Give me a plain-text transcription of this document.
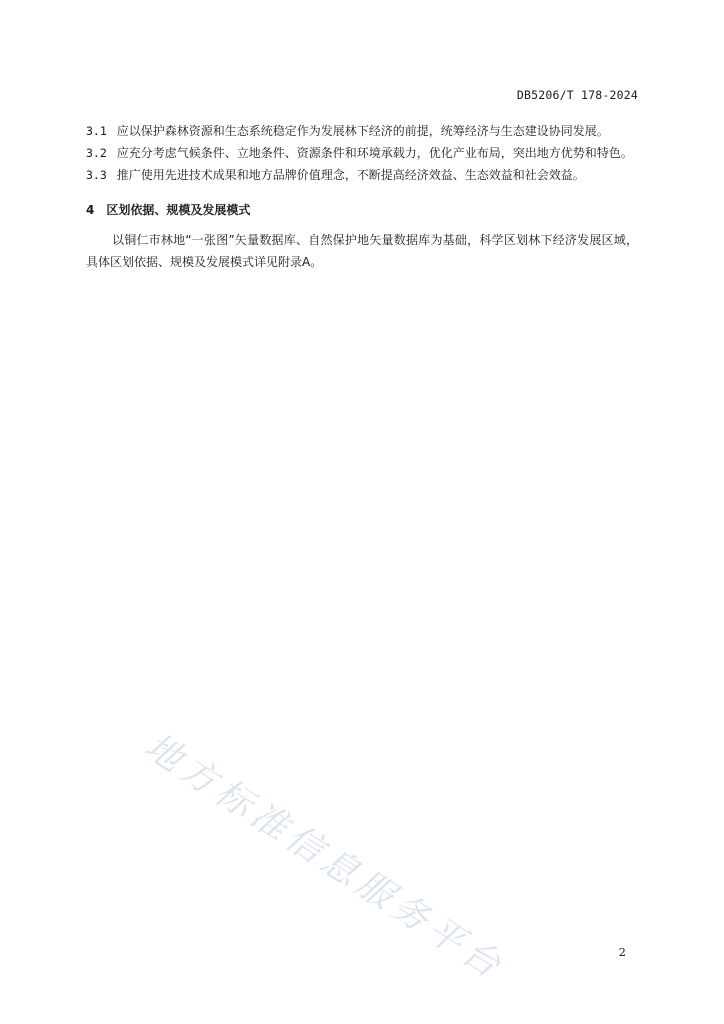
DB5206/T 178-2024

3.1 应以保护森林资源和生态系统稳定作为发展林下经济的前提，统筹经济与生态建设协同发展。

3.2 应充分考虑气候条件、立地条件、资源条件和环境承载力，优化产业布局，突出地方优势和特色。

3.3 推广使用先进技术成果和地方品牌价值理念，不断提高经济效益、生态效益和社会效益。

4 区划依据、规模及发展模式

以铜仁市林地“一张图”矢量数据库、自然保护地矢量数据库为基础，科学区划林下经济发展区域，具体区划依据、规模及发展模式详见附录A。

地方标准信息服务平台	2
